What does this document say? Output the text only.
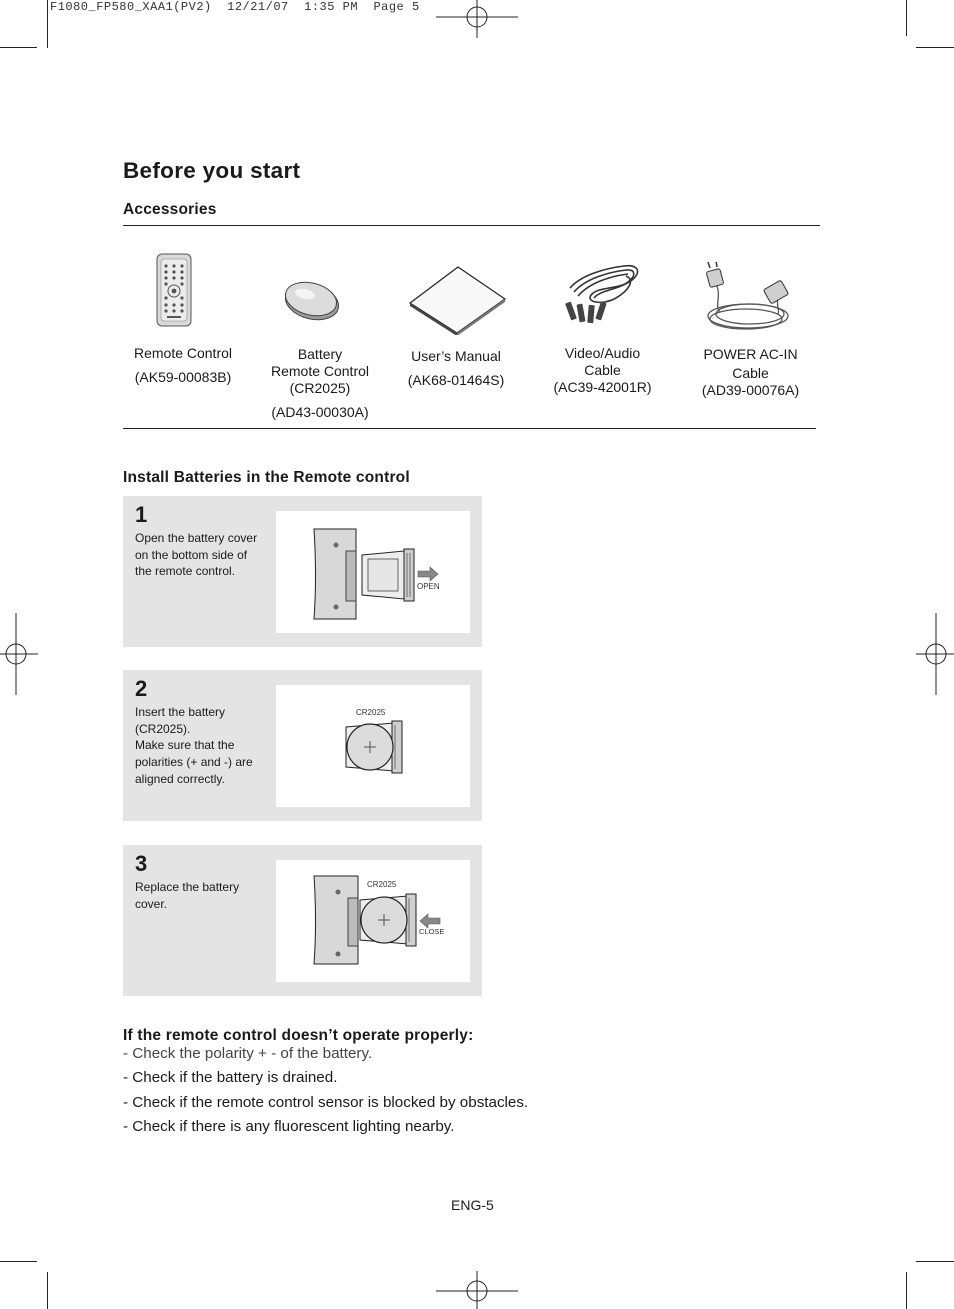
F1080_FP580_XAA1(PV2)  12/21/07  1:35 PM  Page 5
Before you start
Accessories
Remote Control
(AK59-00083B)
Battery
Remote Control
(CR2025)
(AD43-00030A)
User’s Manual
(AK68-01464S)
Video/Audio
Cable
(AC39-42001R)
POWER AC-IN
Cable
(AD39-00076A)
Install Batteries in the Remote control
1
Open the battery cover on the bottom side of the remote control.
OPEN
2
Insert the battery (CR2025).
Make sure that the polarities (+ and -) are aligned correctly.
CR2025
3
Replace the battery cover.
CR2025
CLOSE
If the remote control doesn’t operate properly:
- Check the polarity + - of the battery.
- Check if the battery is drained.
- Check if the remote control sensor is blocked by obstacles.
- Check if there is any fluorescent lighting nearby.
ENG-5
